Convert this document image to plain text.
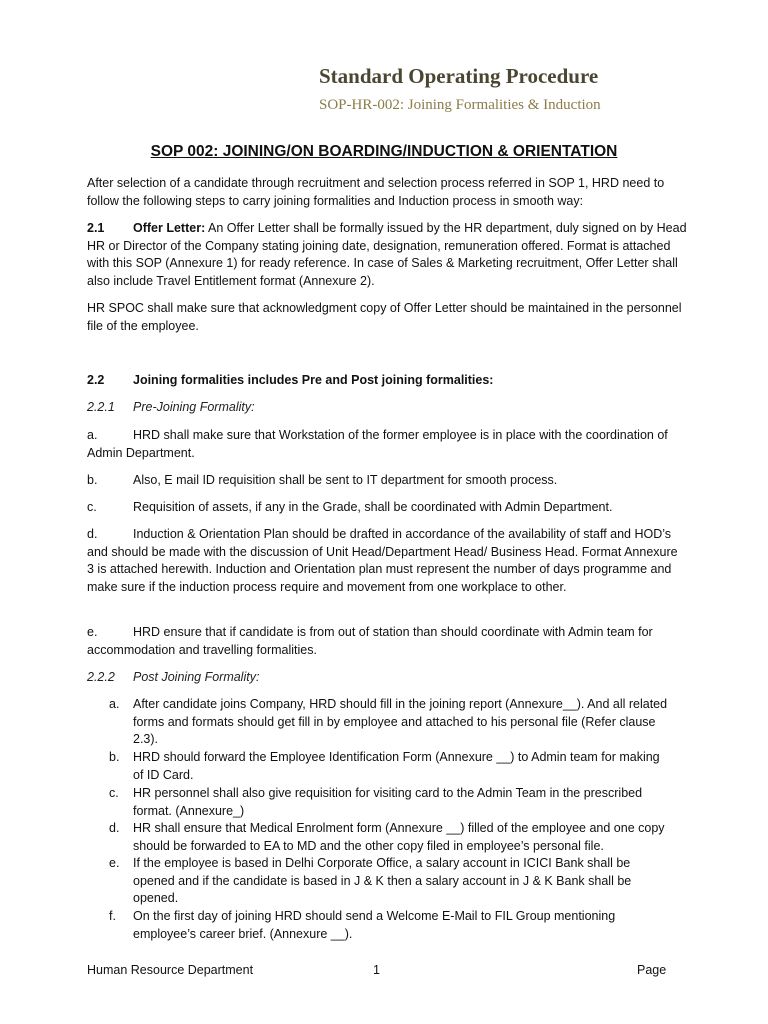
Standard Operating Procedure
SOP-HR-002: Joining Formalities & Induction
SOP 002: JOINING/ON BOARDING/INDUCTION & ORIENTATION
After selection of a candidate through recruitment and selection process referred in SOP 1, HRD need to follow the following steps to carry joining formalities and Induction process in smooth way:
2.1 Offer Letter: An Offer Letter shall be formally issued by the HR department, duly signed on by Head HR or Director of the Company stating joining date, designation, remuneration offered. Format is attached with this SOP (Annexure 1) for ready reference. In case of Sales & Marketing recruitment, Offer Letter shall also include Travel Entitlement format (Annexure 2).
HR SPOC shall make sure that acknowledgment copy of Offer Letter should be maintained in the personnel file of the employee.
2.2 Joining formalities includes Pre and Post joining formalities:
2.2.1 Pre-Joining Formality:
a.	HRD shall make sure that Workstation of the former employee is in place with the coordination of Admin Department.
b.	Also, E mail ID requisition shall be sent to IT department for smooth process.
c.	Requisition of assets, if any in the Grade, shall be coordinated with Admin Department.
d.	Induction & Orientation Plan should be drafted in accordance of the availability of staff and HOD’s and should be made with the discussion of Unit Head/Department Head/ Business Head. Format Annexure 3 is attached herewith. Induction and Orientation plan must represent the number of days programme and make sure if the induction process require and movement from one workplace to other.
e.	HRD ensure that if candidate is from out of station than should coordinate with Admin team for accommodation and travelling formalities.
2.2.2 Post Joining Formality:
a. After candidate joins Company, HRD should fill in the joining report (Annexure__). And all related forms and formats should get fill in by employee and attached to his personal file (Refer clause 2.3).
b. HRD should forward the Employee Identification Form (Annexure __) to Admin team for making of ID Card.
c. HR personnel shall also give requisition for visiting card to the Admin Team in the prescribed format. (Annexure_)
d. HR shall ensure that Medical Enrolment form (Annexure __) filled of the employee and one copy should be forwarded to EA to MD and the other copy filed in employee’s personal file.
e. If the employee is based in Delhi Corporate Office, a salary account in ICICI Bank shall be opened and if the candidate is based in J & K then a salary account in J & K Bank shall be opened.
f. On the first day of joining HRD should send a Welcome E-Mail to FIL Group mentioning employee’s career brief. (Annexure __).
Human Resource Department	1	Page
